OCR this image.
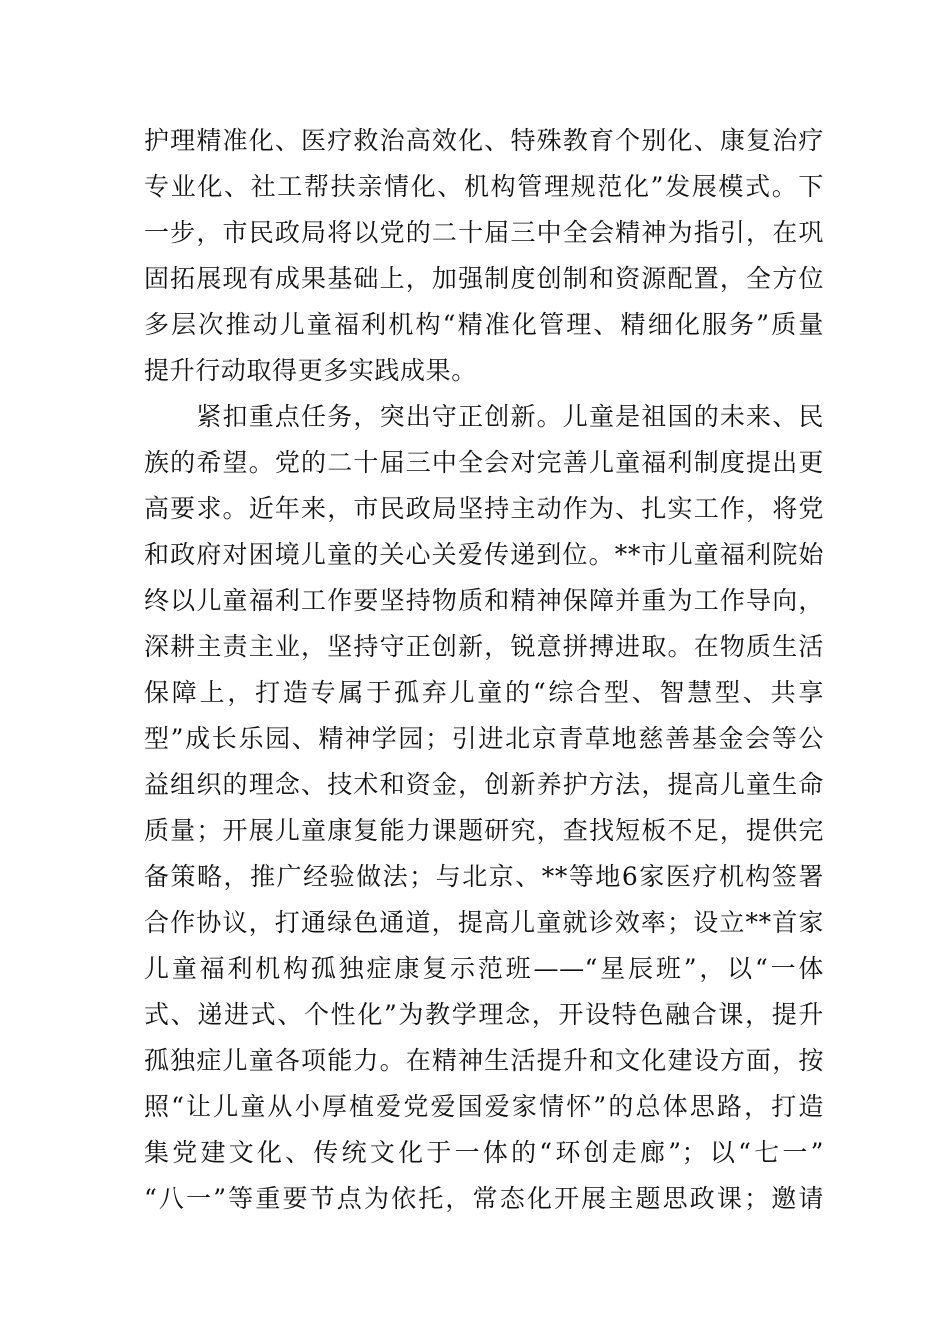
护理精准化、医疗救治高效化、特殊教育个别化、康复治疗
专业化、社工帮扶亲情化、机构管理规范化”发展模式。下
一步，市民政局将以党的二十届三中全会精神为指引，在巩
固拓展现有成果基础上，加强制度创制和资源配置，全方位
多层次推动儿童福利机构“精准化管理、精细化服务”质量
提升行动取得更多实践成果。
　　紧扣重点任务，突出守正创新。儿童是祖国的未来、民
族的希望。党的二十届三中全会对完善儿童福利制度提出更
高要求。近年来，市民政局坚持主动作为、扎实工作，将党
和政府对困境儿童的关心关爱传递到位。**市儿童福利院始
终以儿童福利工作要坚持物质和精神保障并重为工作导向，
深耕主责主业，坚持守正创新，锐意拼搏进取。在物质生活
保障上，打造专属于孤弃儿童的“综合型、智慧型、共享
型”成长乐园、精神学园；引进北京青草地慈善基金会等公
益组织的理念、技术和资金，创新养护方法，提高儿童生命
质量；开展儿童康复能力课题研究，查找短板不足，提供完
备策略，推广经验做法；与北京、**等地6家医疗机构签署
合作协议，打通绿色通道，提高儿童就诊效率；设立**首家
儿童福利机构孤独症康复示范班——“星辰班”，以“一体
式、递进式、个性化”为教学理念，开设特色融合课，提升
孤独症儿童各项能力。在精神生活提升和文化建设方面，按
照“让儿童从小厚植爱党爱国爱家情怀”的总体思路，打造
集党建文化、传统文化于一体的“环创走廊”；以“七一”
“八一”等重要节点为依托，常态化开展主题思政课；邀请
